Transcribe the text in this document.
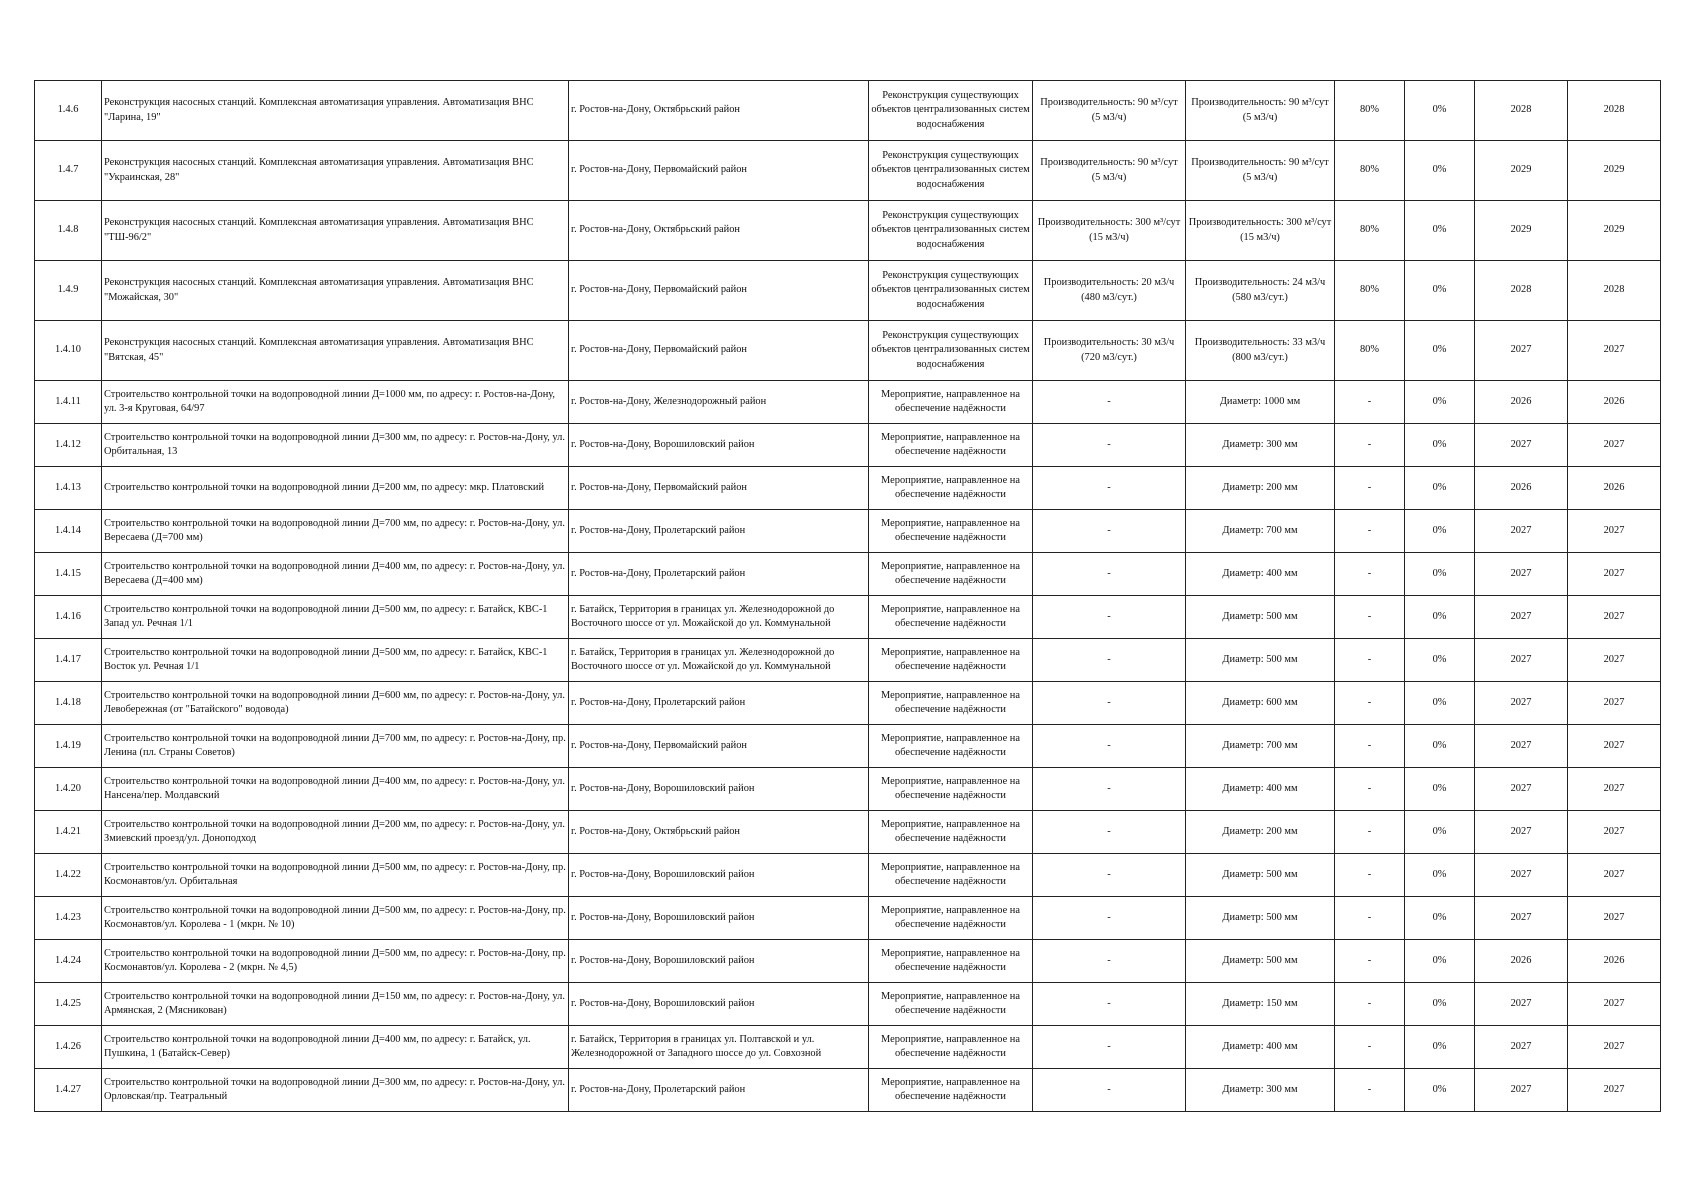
1.4.6	Реконструкция насосных станций. Комплексная автоматизация управления. Автоматизация ВНС "Ларина, 19"	г. Ростов-на-Дону, Октябрьский район	Реконструкция существующих объектов централизованных систем водоснабжения	Производительность: 90 м³/сут (5 м3/ч)	Производительность: 90 м³/сут (5 м3/ч)	80%	0%	2028	2028
1.4.7	Реконструкция насосных станций. Комплексная автоматизация управления. Автоматизация ВНС "Украинская, 28"	г. Ростов-на-Дону, Первомайский район	Реконструкция существующих объектов централизованных систем водоснабжения	Производительность: 90 м³/сут (5 м3/ч)	Производительность: 90 м³/сут (5 м3/ч)	80%	0%	2029	2029
1.4.8	Реконструкция насосных станций. Комплексная автоматизация управления. Автоматизация ВНС "ТШ-96/2"	г. Ростов-на-Дону, Октябрьский район	Реконструкция существующих объектов централизованных систем водоснабжения	Производительность: 300 м³/сут (15 м3/ч)	Производительность: 300 м³/сут (15 м3/ч)	80%	0%	2029	2029
1.4.9	Реконструкция насосных станций. Комплексная автоматизация управления. Автоматизация ВНС "Можайская, 30"	г. Ростов-на-Дону, Первомайский район	Реконструкция существующих объектов централизованных систем водоснабжения	Производительность: 20 м3/ч (480 м3/сут.)	Производительность: 24 м3/ч (580 м3/сут.)	80%	0%	2028	2028
1.4.10	Реконструкция насосных станций. Комплексная автоматизация управления. Автоматизация ВНС "Вятская, 45"	г. Ростов-на-Дону, Первомайский район	Реконструкция существующих объектов централизованных систем водоснабжения	Производительность: 30 м3/ч (720 м3/сут.)	Производительность: 33 м3/ч (800 м3/сут.)	80%	0%	2027	2027
1.4.11	Строительство контрольной точки на водопроводной линии Д=1000 мм, по адресу: г. Ростов-на-Дону, ул. 3-я Круговая, 64/97	г. Ростов-на-Дону, Железнодорожный район	Мероприятие, направленное на обеспечение надёжности	-	Диаметр: 1000 мм	-	0%	2026	2026
1.4.12	Строительство контрольной точки на водопроводной линии Д=300 мм, по адресу: г. Ростов-на-Дону, ул. Орбитальная, 13	г. Ростов-на-Дону, Ворошиловский район	Мероприятие, направленное на обеспечение надёжности	-	Диаметр: 300 мм	-	0%	2027	2027
1.4.13	Строительство контрольной точки на водопроводной линии Д=200 мм, по адресу: мкр. Платовский	г. Ростов-на-Дону, Первомайский район	Мероприятие, направленное на обеспечение надёжности	-	Диаметр: 200 мм	-	0%	2026	2026
1.4.14	Строительство контрольной точки на водопроводной линии Д=700 мм, по адресу: г. Ростов-на-Дону, ул. Вересаева (Д=700 мм)	г. Ростов-на-Дону, Пролетарский район	Мероприятие, направленное на обеспечение надёжности	-	Диаметр: 700 мм	-	0%	2027	2027
1.4.15	Строительство контрольной точки на водопроводной линии Д=400 мм, по адресу: г. Ростов-на-Дону, ул. Вересаева (Д=400 мм)	г. Ростов-на-Дону, Пролетарский район	Мероприятие, направленное на обеспечение надёжности	-	Диаметр: 400 мм	-	0%	2027	2027
1.4.16	Строительство контрольной точки на водопроводной линии Д=500 мм, по адресу: г. Батайск, КВС-1 Запад ул. Речная 1/1	г. Батайск, Территория в границах ул. Железнодорожной до Восточного шоссе от ул. Можайской до ул. Коммунальной	Мероприятие, направленное на обеспечение надёжности	-	Диаметр: 500 мм	-	0%	2027	2027
1.4.17	Строительство контрольной точки на водопроводной линии Д=500 мм, по адресу: г. Батайск, КВС-1 Восток ул. Речная 1/1	г. Батайск, Территория в границах ул. Железнодорожной до Восточного шоссе от ул. Можайской до ул. Коммунальной	Мероприятие, направленное на обеспечение надёжности	-	Диаметр: 500 мм	-	0%	2027	2027
1.4.18	Строительство контрольной точки на водопроводной линии Д=600 мм, по адресу: г. Ростов-на-Дону, ул. Левобережная (от "Батайского" водовода)	г. Ростов-на-Дону, Пролетарский район	Мероприятие, направленное на обеспечение надёжности	-	Диаметр: 600 мм	-	0%	2027	2027
1.4.19	Строительство контрольной точки на водопроводной линии Д=700 мм, по адресу: г. Ростов-на-Дону, пр. Ленина (пл. Страны Советов)	г. Ростов-на-Дону, Первомайский район	Мероприятие, направленное на обеспечение надёжности	-	Диаметр: 700 мм	-	0%	2027	2027
1.4.20	Строительство контрольной точки на водопроводной линии Д=400 мм, по адресу: г. Ростов-на-Дону, ул. Нансена/пер. Молдавский	г. Ростов-на-Дону, Ворошиловский район	Мероприятие, направленное на обеспечение надёжности	-	Диаметр: 400 мм	-	0%	2027	2027
1.4.21	Строительство контрольной точки на водопроводной линии Д=200 мм, по адресу: г. Ростов-на-Дону, ул. Змиевский проезд/ул. Доноподход	г. Ростов-на-Дону, Октябрьский район	Мероприятие, направленное на обеспечение надёжности	-	Диаметр: 200 мм	-	0%	2027	2027
1.4.22	Строительство контрольной точки на водопроводной линии Д=500 мм, по адресу: г. Ростов-на-Дону, пр. Космонавтов/ул. Орбитальная	г. Ростов-на-Дону, Ворошиловский район	Мероприятие, направленное на обеспечение надёжности	-	Диаметр: 500 мм	-	0%	2027	2027
1.4.23	Строительство контрольной точки на водопроводной линии Д=500 мм, по адресу: г. Ростов-на-Дону, пр. Космонавтов/ул. Королева - 1 (мкрн. № 10)	г. Ростов-на-Дону, Ворошиловский район	Мероприятие, направленное на обеспечение надёжности	-	Диаметр: 500 мм	-	0%	2027	2027
1.4.24	Строительство контрольной точки на водопроводной линии Д=500 мм, по адресу: г. Ростов-на-Дону, пр. Космонавтов/ул. Королева - 2 (мкрн. № 4,5)	г. Ростов-на-Дону, Ворошиловский район	Мероприятие, направленное на обеспечение надёжности	-	Диаметр: 500 мм	-	0%	2026	2026
1.4.25	Строительство контрольной точки на водопроводной линии Д=150 мм, по адресу: г. Ростов-на-Дону, ул. Армянская, 2 (Мясникован)	г. Ростов-на-Дону, Ворошиловский район	Мероприятие, направленное на обеспечение надёжности	-	Диаметр: 150 мм	-	0%	2027	2027
1.4.26	Строительство контрольной точки на водопроводной линии Д=400 мм, по адресу: г. Батайск, ул. Пушкина, 1 (Батайск-Север)	г. Батайск, Территория в границах ул. Полтавской и ул. Железнодорожной от Западного шоссе до ул. Совхозной	Мероприятие, направленное на обеспечение надёжности	-	Диаметр: 400 мм	-	0%	2027	2027
1.4.27	Строительство контрольной точки на водопроводной линии Д=300 мм, по адресу: г. Ростов-на-Дону, ул. Орловская/пр. Театральный	г. Ростов-на-Дону, Пролетарский район	Мероприятие, направленное на обеспечение надёжности	-	Диаметр: 300 мм	-	0%	2027	2027
